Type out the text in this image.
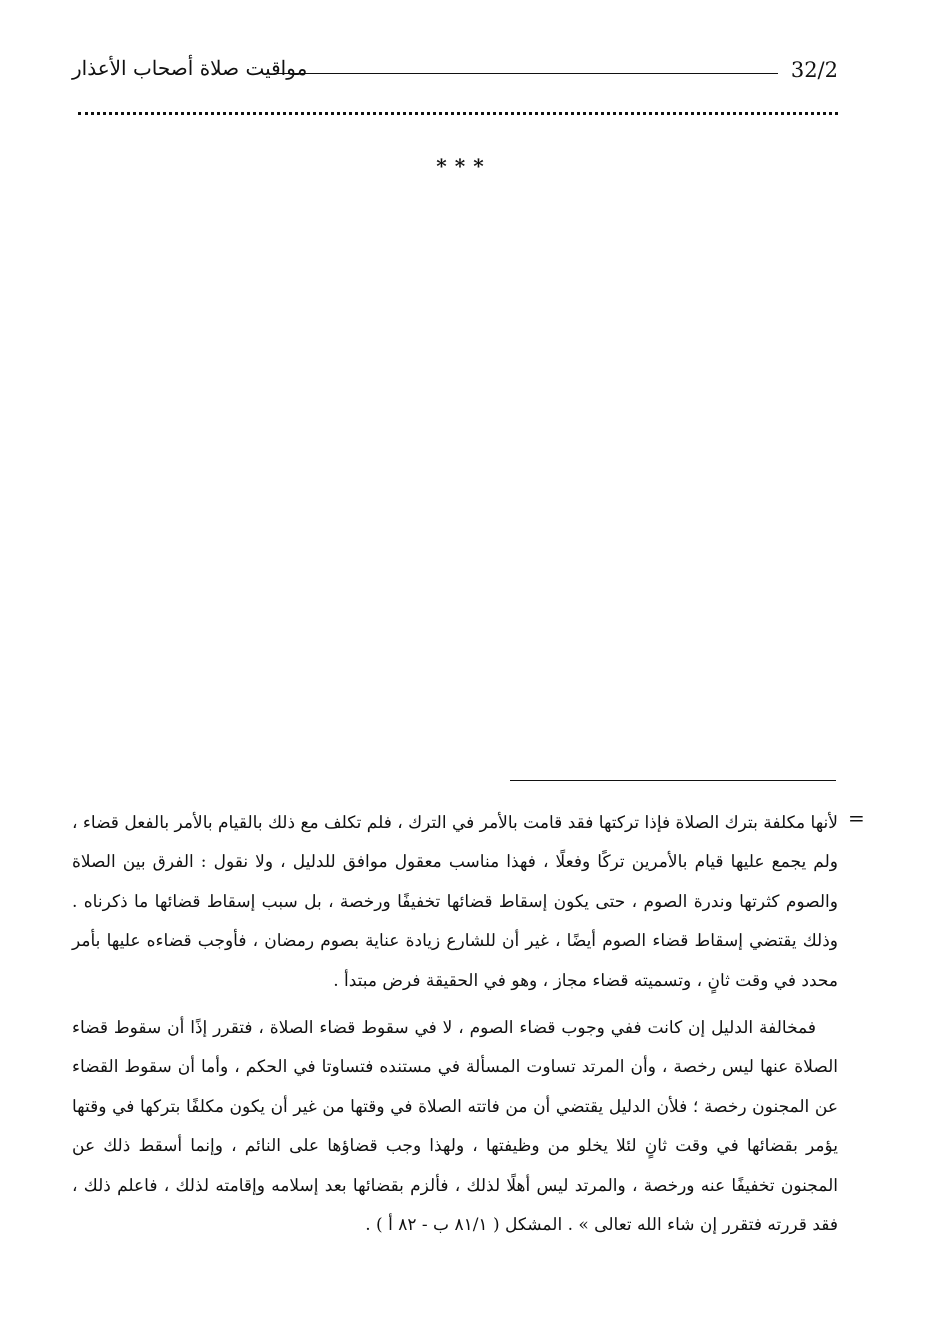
32/2
مواقيت صلاة أصحاب الأعذار
***
=

لأنها مكلفة بترك الصلاة فإذا تركتها فقد قامت بالأمر في الترك ، فلم تكلف مع ذلك بالقيام بالأمر بالفعل قضاء ، ولم يجمع عليها قيام بالأمرين تركًا وفعلًا ، فهذا مناسب معقول موافق للدليل ، ولا نقول : الفرق بين الصلاة والصوم كثرتها وندرة الصوم ، حتى يكون إسقاط قضائها تخفيفًا ورخصة ، بل سبب إسقاط قضائها ما ذكرناه . وذلك يقتضي إسقاط قضاء الصوم أيضًا ، غير أن للشارع زيادة عناية بصوم رمضان ، فأوجب قضاءه عليها بأمر محدد في وقت ثانٍ ، وتسميته قضاء مجاز ، وهو في الحقيقة فرض مبتدأ .

فمخالفة الدليل إن كانت ففي وجوب قضاء الصوم ، لا في سقوط قضاء الصلاة ، فتقرر إذًا أن سقوط قضاء الصلاة عنها ليس رخصة ، وأن المرتد تساوت المسألة في مستنده فتساوتا في الحكم ، وأما أن سقوط القضاء عن المجنون رخصة ؛ فلأن الدليل يقتضي أن من فاتته الصلاة في وقتها من غير أن يكون مكلفًا بتركها في وقتها يؤمر بقضائها في وقت ثانٍ لئلا يخلو من وظيفتها ، ولهذا وجب قضاؤها على النائم ، وإنما أسقط ذلك عن المجنون تخفيفًا عنه ورخصة ، والمرتد ليس أهلًا لذلك ، فألزم بقضائها بعد إسلامه وإقامته لذلك ، فاعلم ذلك ، فقد قررته فتقرر إن شاء الله تعالى » . المشكل ( ٨١/١ ب - ٨٢ أ ) .
